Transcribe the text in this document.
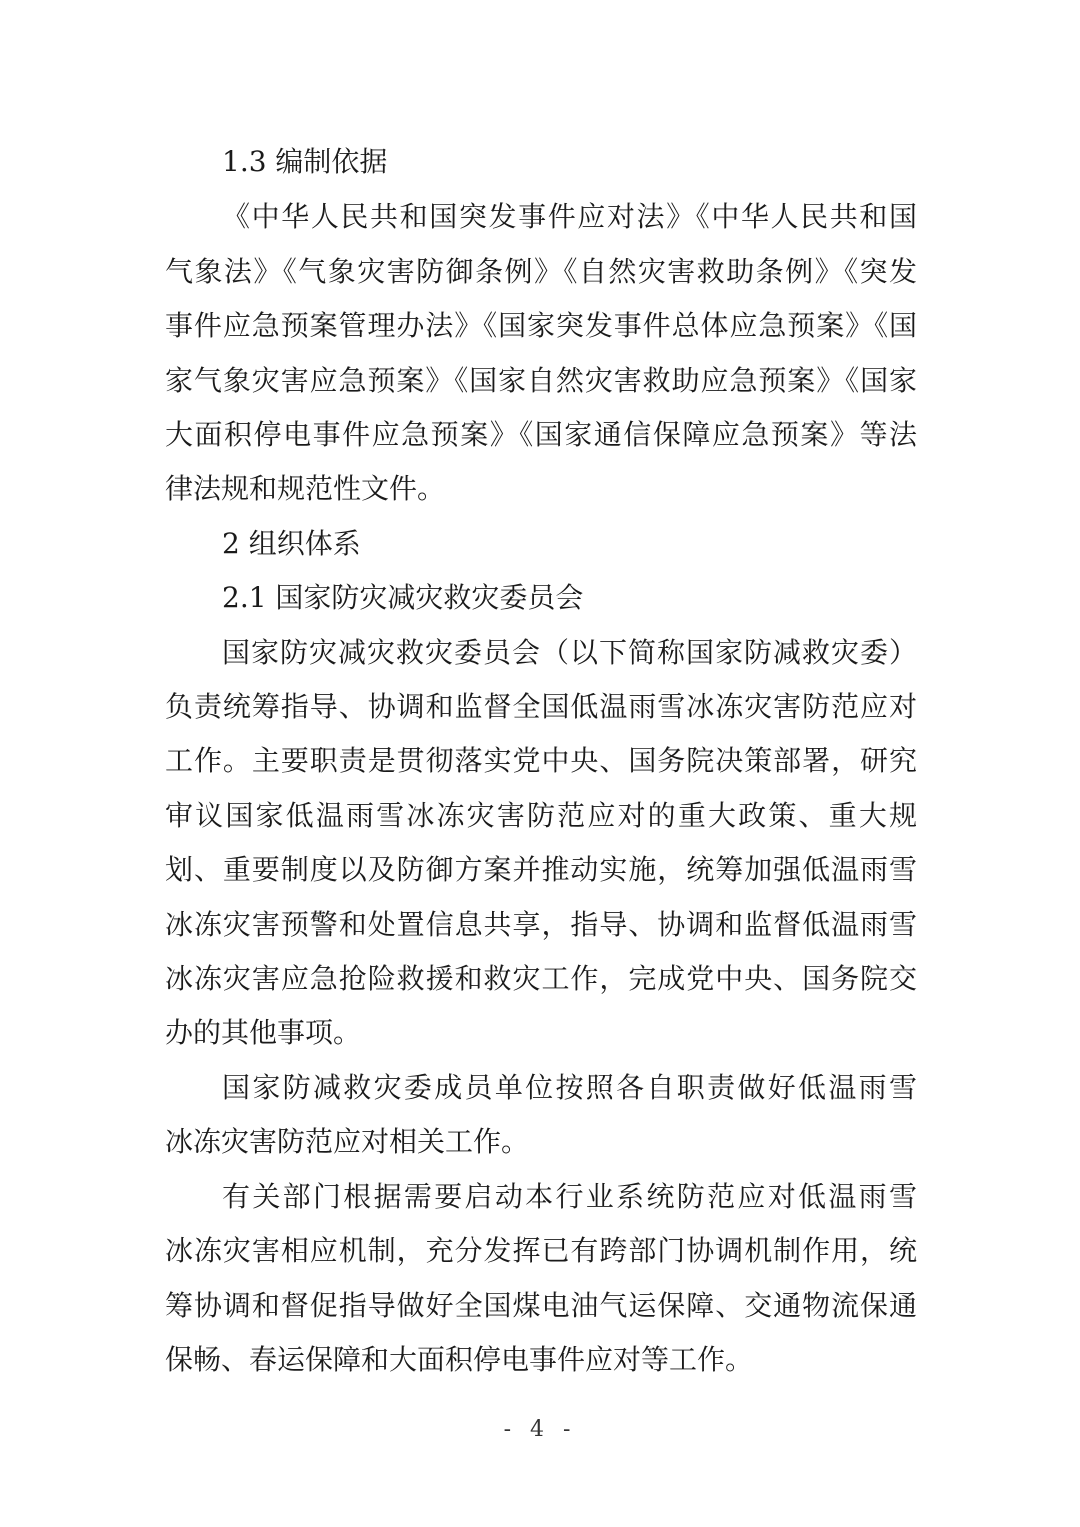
1.3 编制依据
《中华人民共和国突发事件应对法》《中华人民共和国
气象法》《气象灾害防御条例》《自然灾害救助条例》《突发
事件应急预案管理办法》《国家突发事件总体应急预案》《国
家气象灾害应急预案》《国家自然灾害救助应急预案》《国家
大面积停电事件应急预案》《国家通信保障应急预案》等法
律法规和规范性文件。
2 组织体系
2.1 国家防灾减灾救灾委员会
国家防灾减灾救灾委员会（以下简称国家防减救灾委）
负责统筹指导、协调和监督全国低温雨雪冰冻灾害防范应对
工作。主要职责是贯彻落实党中央、国务院决策部署，研究
审议国家低温雨雪冰冻灾害防范应对的重大政策、重大规
划、重要制度以及防御方案并推动实施，统筹加强低温雨雪
冰冻灾害预警和处置信息共享，指导、协调和监督低温雨雪
冰冻灾害应急抢险救援和救灾工作，完成党中央、国务院交
办的其他事项。
国家防减救灾委成员单位按照各自职责做好低温雨雪
冰冻灾害防范应对相关工作。
有关部门根据需要启动本行业系统防范应对低温雨雪
冰冻灾害相应机制，充分发挥已有跨部门协调机制作用，统
筹协调和督促指导做好全国煤电油气运保障、交通物流保通
保畅、春运保障和大面积停电事件应对等工作。
- 4 -
